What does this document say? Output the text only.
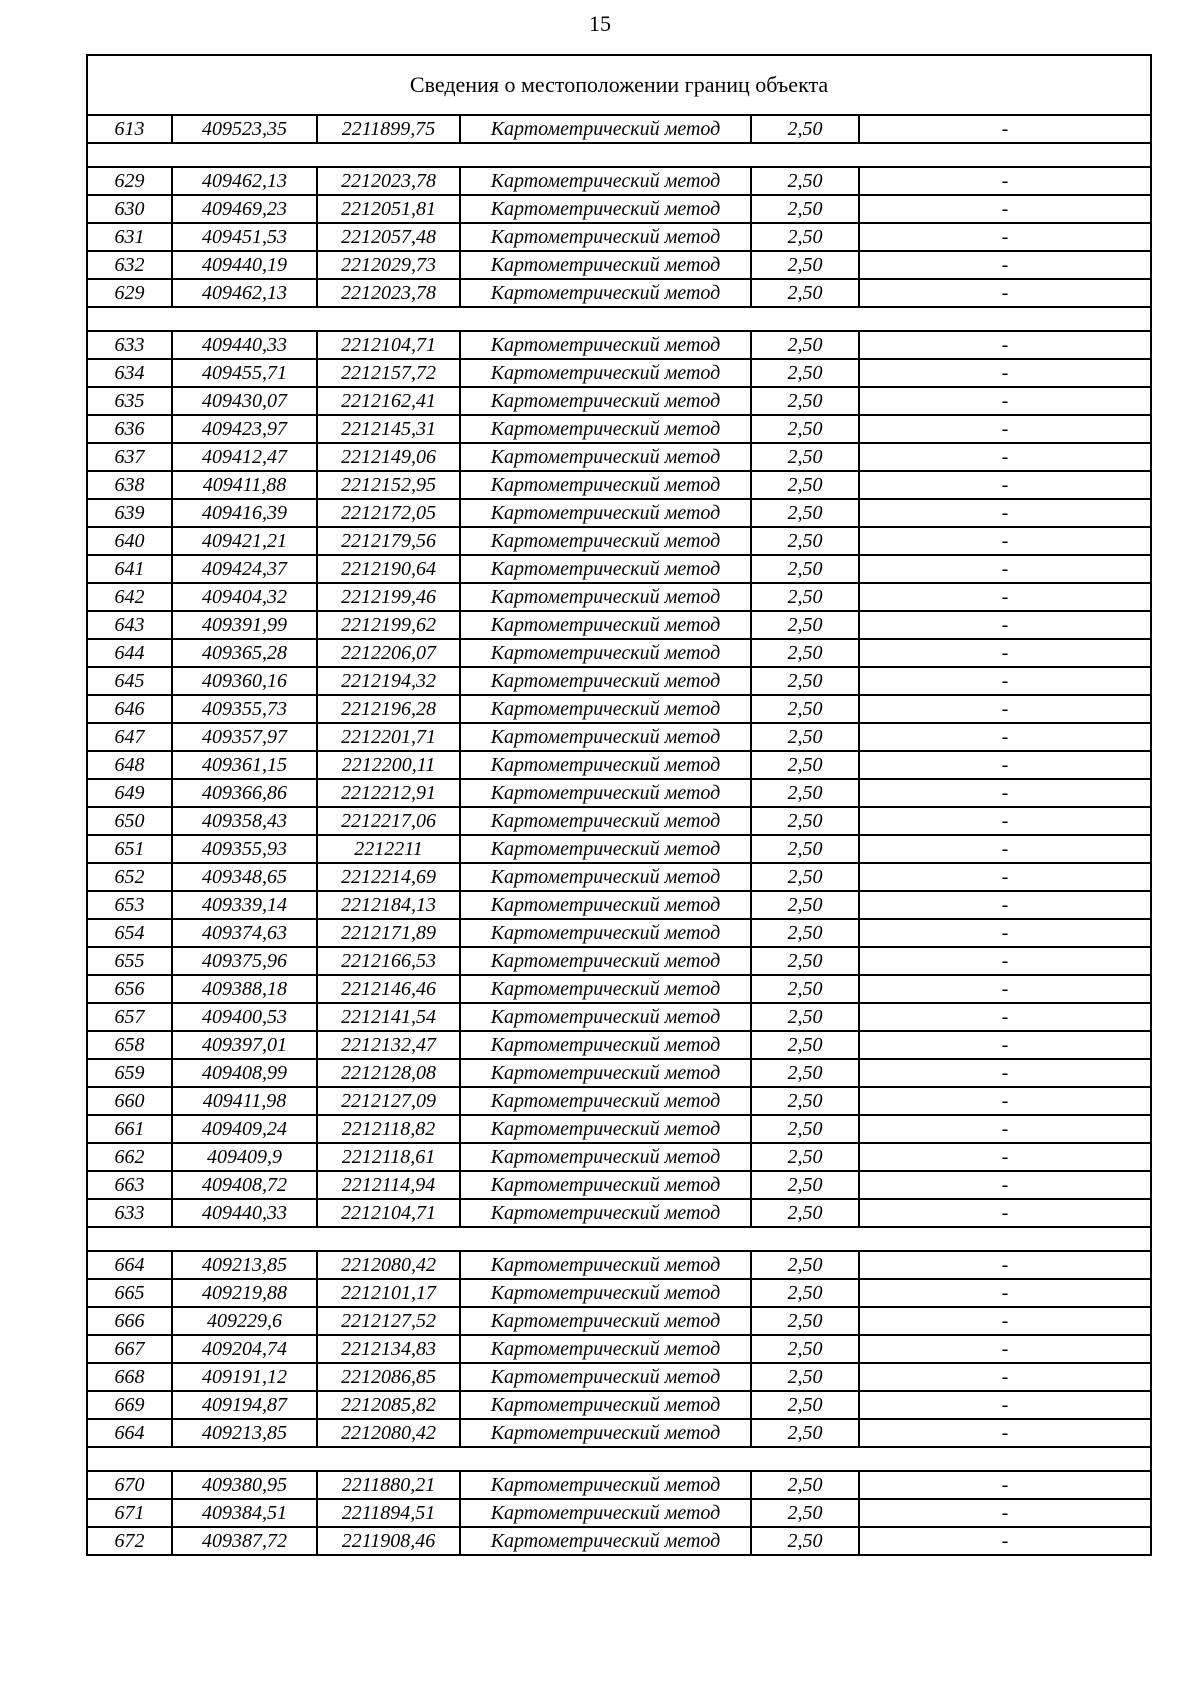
15
Сведения о местоположении границ объекта					
613	409523,35	2211899,75	Картометрический метод	2,50	-

629	409462,13	2212023,78	Картометрический метод	2,50	-
630	409469,23	2212051,81	Картометрический метод	2,50	-
631	409451,53	2212057,48	Картометрический метод	2,50	-
632	409440,19	2212029,73	Картометрический метод	2,50	-
629	409462,13	2212023,78	Картометрический метод	2,50	-

633	409440,33	2212104,71	Картометрический метод	2,50	-
634	409455,71	2212157,72	Картометрический метод	2,50	-
635	409430,07	2212162,41	Картометрический метод	2,50	-
636	409423,97	2212145,31	Картометрический метод	2,50	-
637	409412,47	2212149,06	Картометрический метод	2,50	-
638	409411,88	2212152,95	Картометрический метод	2,50	-
639	409416,39	2212172,05	Картометрический метод	2,50	-
640	409421,21	2212179,56	Картометрический метод	2,50	-
641	409424,37	2212190,64	Картометрический метод	2,50	-
642	409404,32	2212199,46	Картометрический метод	2,50	-
643	409391,99	2212199,62	Картометрический метод	2,50	-
644	409365,28	2212206,07	Картометрический метод	2,50	-
645	409360,16	2212194,32	Картометрический метод	2,50	-
646	409355,73	2212196,28	Картометрический метод	2,50	-
647	409357,97	2212201,71	Картометрический метод	2,50	-
648	409361,15	2212200,11	Картометрический метод	2,50	-
649	409366,86	2212212,91	Картометрический метод	2,50	-
650	409358,43	2212217,06	Картометрический метод	2,50	-
651	409355,93	2212211	Картометрический метод	2,50	-
652	409348,65	2212214,69	Картометрический метод	2,50	-
653	409339,14	2212184,13	Картометрический метод	2,50	-
654	409374,63	2212171,89	Картометрический метод	2,50	-
655	409375,96	2212166,53	Картометрический метод	2,50	-
656	409388,18	2212146,46	Картометрический метод	2,50	-
657	409400,53	2212141,54	Картометрический метод	2,50	-
658	409397,01	2212132,47	Картометрический метод	2,50	-
659	409408,99	2212128,08	Картометрический метод	2,50	-
660	409411,98	2212127,09	Картометрический метод	2,50	-
661	409409,24	2212118,82	Картометрический метод	2,50	-
662	409409,9	2212118,61	Картометрический метод	2,50	-
663	409408,72	2212114,94	Картометрический метод	2,50	-
633	409440,33	2212104,71	Картометрический метод	2,50	-

664	409213,85	2212080,42	Картометрический метод	2,50	-
665	409219,88	2212101,17	Картометрический метод	2,50	-
666	409229,6	2212127,52	Картометрический метод	2,50	-
667	409204,74	2212134,83	Картометрический метод	2,50	-
668	409191,12	2212086,85	Картометрический метод	2,50	-
669	409194,87	2212085,82	Картометрический метод	2,50	-
664	409213,85	2212080,42	Картометрический метод	2,50	-

670	409380,95	2211880,21	Картометрический метод	2,50	-
671	409384,51	2211894,51	Картометрический метод	2,50	-
672	409387,72	2211908,46	Картометрический метод	2,50	-
